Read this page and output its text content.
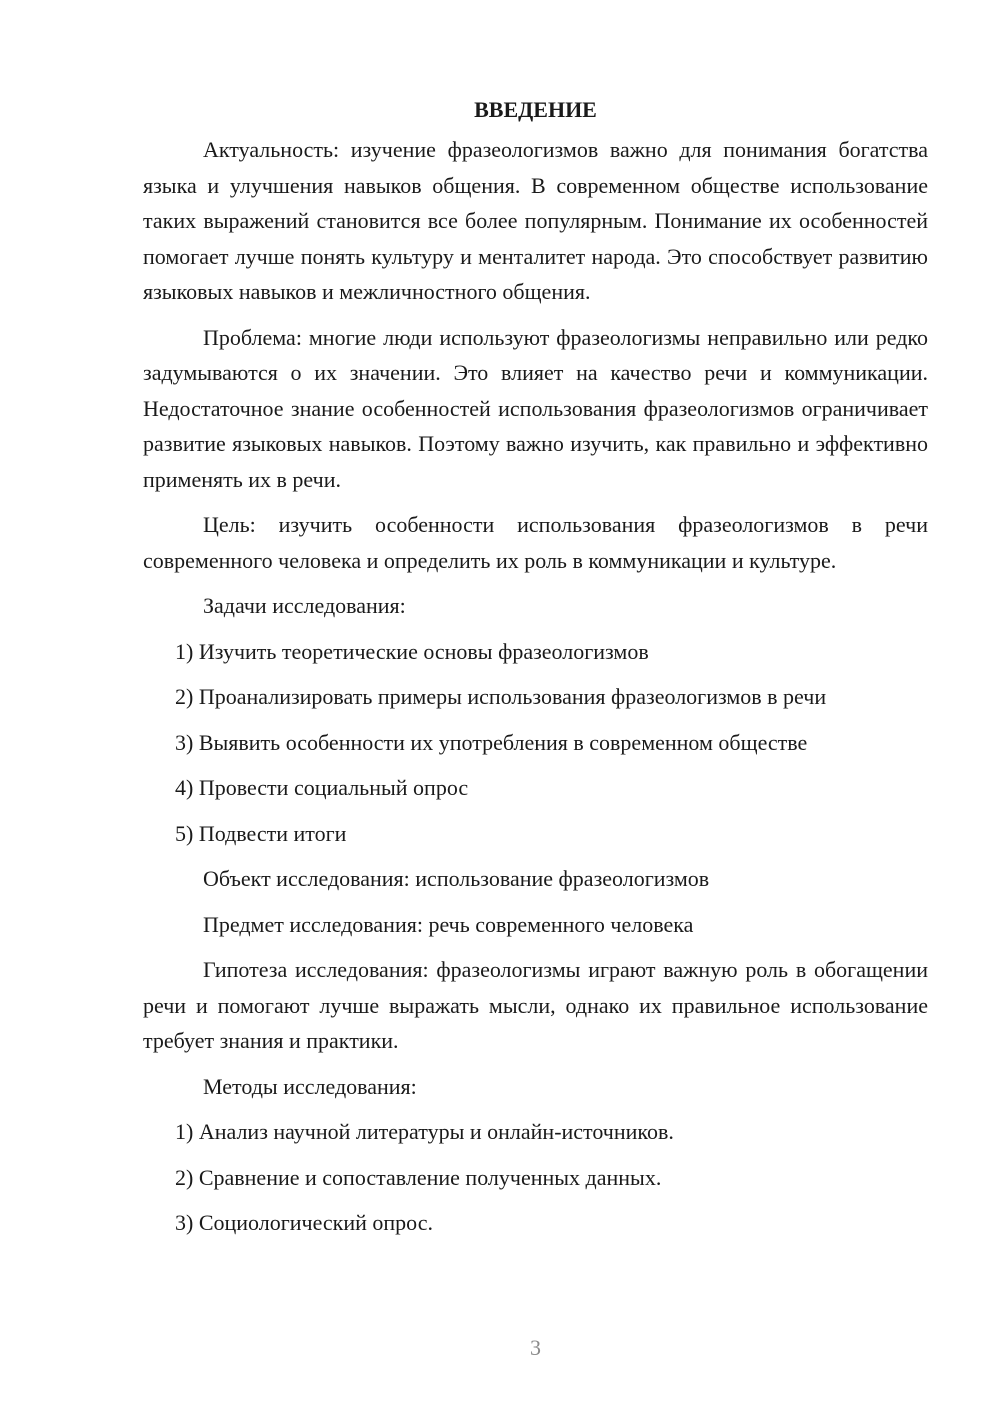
ВВЕДЕНИЕ

Актуальность: изучение фразеологизмов важно для понимания богатства языка и улучшения навыков общения. В современном обществе использование таких выражений становится все более популярным. Понимание их особенностей помогает лучше понять культуру и менталитет народа. Это способствует развитию языковых навыков и межличностного общения.

Проблема: многие люди используют фразеологизмы неправильно или редко задумываются о их значении. Это влияет на качество речи и коммуникации. Недостаточное знание особенностей использования фразеологизмов ограничивает развитие языковых навыков. Поэтому важно изучить, как правильно и эффективно применять их в речи.

Цель: изучить особенности использования фразеологизмов в речи современного человека и определить их роль в коммуникации и культуре.

Задачи исследования:
1) Изучить теоретические основы фразеологизмов
2) Проанализировать примеры использования фразеологизмов в речи
3) Выявить особенности их употребления в современном обществе
4) Провести социальный опрос
5) Подвести итоги
Объект исследования: использование фразеологизмов
Предмет исследования: речь современного человека

Гипотеза исследования: фразеологизмы играют важную роль в обогащении речи и помогают лучше выражать мысли, однако их правильное использование требует знания и практики.

Методы исследования:
1) Анализ научной литературы и онлайн-источников.
2) Сравнение и сопоставление полученных данных.
3) Социологический опрос.
3
